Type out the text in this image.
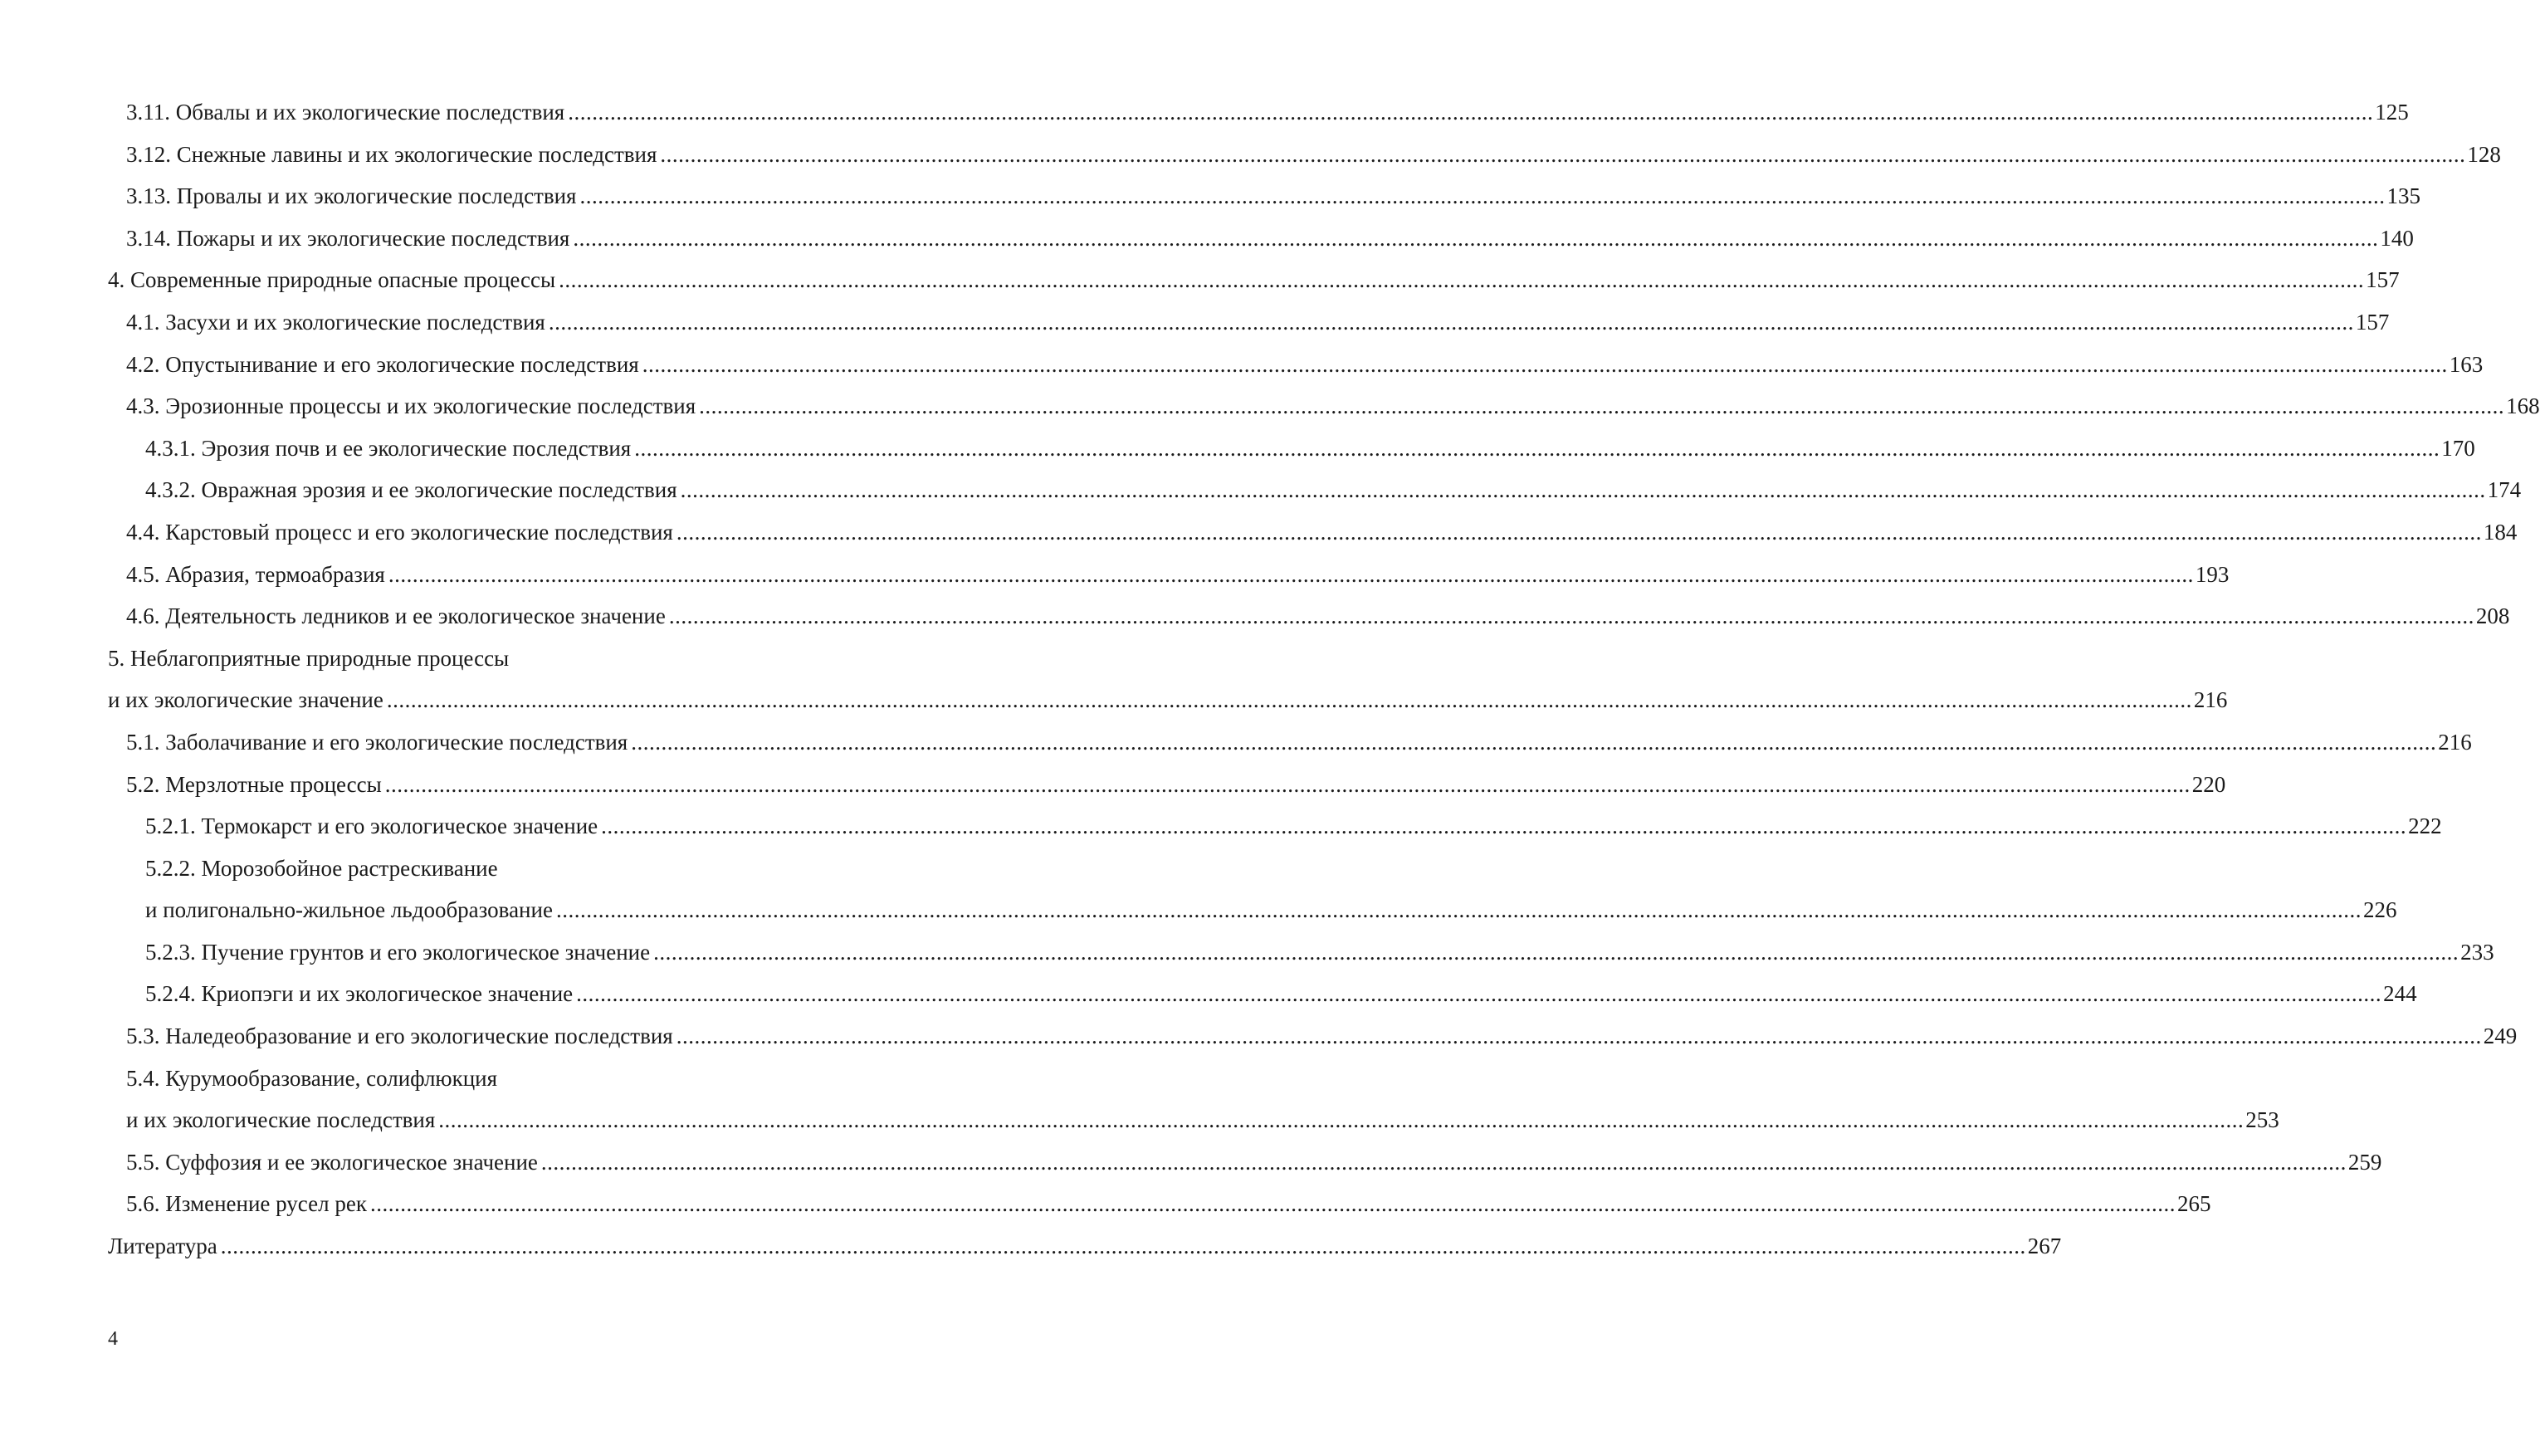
3.11. Обвалы и их экологические последствия ............................................................................................................................................................................................................................................................................................................ 125
3.12. Снежные лавины и их экологические последствия ............................................................................................................................................................................................................................................................................................................ 128
3.13. Провалы и их экологические последствия ............................................................................................................................................................................................................................................................................................................ 135
3.14. Пожары и их экологические последствия ............................................................................................................................................................................................................................................................................................................ 140
4. Современные природные опасные процессы ............................................................................................................................................................................................................................................................................................................ 157
4.1. Засухи и их экологические последствия ............................................................................................................................................................................................................................................................................................................ 157
4.2. Опустынивание и его экологические последствия ............................................................................................................................................................................................................................................................................................................ 163
4.3. Эрозионные процессы и их экологические последствия ............................................................................................................................................................................................................................................................................................................ 168
4.3.1. Эрозия почв и ее экологические последствия ............................................................................................................................................................................................................................................................................................................ 170
4.3.2. Овражная эрозия и ее экологические последствия ............................................................................................................................................................................................................................................................................................................ 174
4.4. Карстовый процесс и его экологические последствия ............................................................................................................................................................................................................................................................................................................ 184
4.5. Абразия, термоабразия ............................................................................................................................................................................................................................................................................................................ 193
4.6. Деятельность ледников и ее экологическое значение ............................................................................................................................................................................................................................................................................................................ 208
5. Неблагоприятные природные процессы
и их экологические значение ............................................................................................................................................................................................................................................................................................................ 216
5.1. Заболачивание и его экологические последствия ............................................................................................................................................................................................................................................................................................................ 216
5.2. Мерзлотные процессы ............................................................................................................................................................................................................................................................................................................ 220
5.2.1. Термокарст и его экологическое значение ............................................................................................................................................................................................................................................................................................................ 222
5.2.2. Морозобойное растрескивание
и полигонально-жильное льдообразование ............................................................................................................................................................................................................................................................................................................ 226
5.2.3. Пучение грунтов и его экологическое значение ............................................................................................................................................................................................................................................................................................................ 233
5.2.4. Криопэги и их экологическое значение ............................................................................................................................................................................................................................................................................................................ 244
5.3. Наледеобразование и его экологические последствия ............................................................................................................................................................................................................................................................................................................ 249
5.4. Курумообразование, солифлюкция
и их экологические последствия ............................................................................................................................................................................................................................................................................................................ 253
5.5. Суффозия и ее экологическое значение ............................................................................................................................................................................................................................................................................................................ 259
5.6. Изменение русел рек ............................................................................................................................................................................................................................................................................................................ 265
Литература ............................................................................................................................................................................................................................................................................................................ 267
4
